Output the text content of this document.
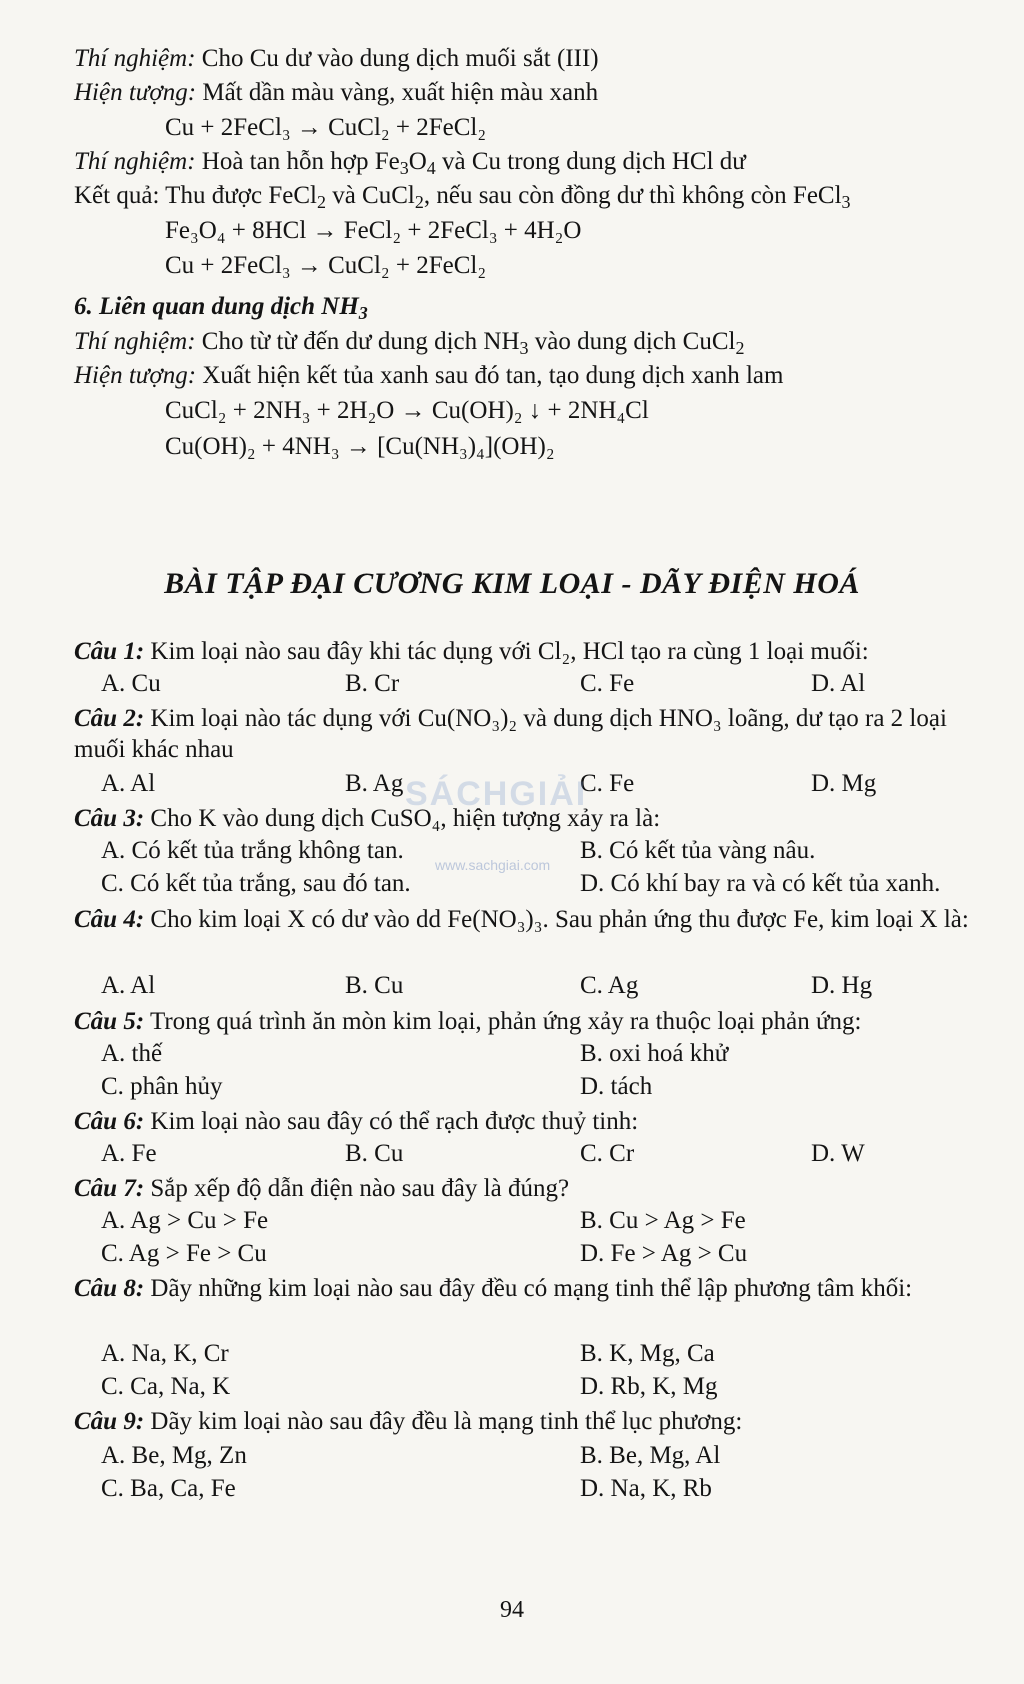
Thí nghiệm: Cho Cu dư vào dung dịch muối sắt (III)
Hiện tượng: Mất dần màu vàng, xuất hiện màu xanh
Cu + 2FeCl₃ → CuCl₂ + 2FeCl₂
Thí nghiệm: Hoà tan hỗn hợp $Fe_3O_4$ và Cu trong dung dịch HCl dư
Kết quả: Thu được FeCl$_2$ và CuCl$_2$, nếu sau còn đồng dư thì không còn FeCl$_3$
Fe₃O₄ + 8HCl → FeCl₂ + 2FeCl₃ + 4H₂O
Cu + 2FeCl₃ → CuCl₂ + 2FeCl₂
6. Liên quan dung dịch $NH_3$
Thí nghiệm: Cho từ từ đến dư dung dịch $NH_3$ vào dung dịch CuCl$_2$
Hiện tượng: Xuất hiện kết tủa xanh sau đó tan, tạo dung dịch xanh lam
CuCl₂ + 2NH₃ + 2H₂O → Cu(OH)₂ ↓ + 2NH₄Cl
Cu(OH)₂ + 4NH₃ → [Cu(NH₃)₄](OH)₂
BÀI TẬP ĐẠI CƯƠNG KIM LOẠI - DÃY ĐIỆN HOÁ
Câu 1: Kim loại nào sau đây khi tác dụng với Cl₂, HCl tạo ra cùng 1 loại muối:
A. Cu	B. Cr	C. Fe	D. Al
Câu 2: Kim loại nào tác dụng với Cu(NO₃)₂ và dung dịch HNO₃ loãng, dư tạo ra 2 loại muối khác nhau
A. Al	B. Ag	C. Fe	D. Mg
Câu 3: Cho K vào dung dịch CuSO₄, hiện tượng xảy ra là:
A. Có kết tủa trắng không tan.	B. Có kết tủa vàng nâu.
C. Có kết tủa trắng, sau đó tan.	D. Có khí bay ra và có kết tủa xanh.
Câu 4: Cho kim loại X có dư vào dd Fe(NO₃)₃. Sau phản ứng thu được Fe, kim loại X là:
A. Al	B. Cu	C. Ag	D. Hg
Câu 5: Trong quá trình ăn mòn kim loại, phản ứng xảy ra thuộc loại phản ứng:
A. thế	B. oxi hoá khử
C. phân hủy	D. tách
Câu 6: Kim loại nào sau đây có thể rạch được thuỷ tinh:
A. Fe	B. Cu	C. Cr	D. W
Câu 7: Sắp xếp độ dẫn điện nào sau đây là đúng?
A. Ag > Cu > Fe	B. Cu > Ag > Fe
C. Ag > Fe > Cu	D. Fe > Ag > Cu
Câu 8: Dãy những kim loại nào sau đây đều có mạng tinh thể lập phương tâm khối:
A. Na, K, Cr	B. K, Mg, Ca
C. Ca, Na, K	D. Rb, K, Mg
Câu 9: Dãy kim loại nào sau đây đều là mạng tinh thể lục phương:
A. Be, Mg, Zn	B. Be, Mg, Al
C. Ba, Ca, Fe	D. Na, K, Rb
SÁCHGIẢI
www.sachgiai.com
94
